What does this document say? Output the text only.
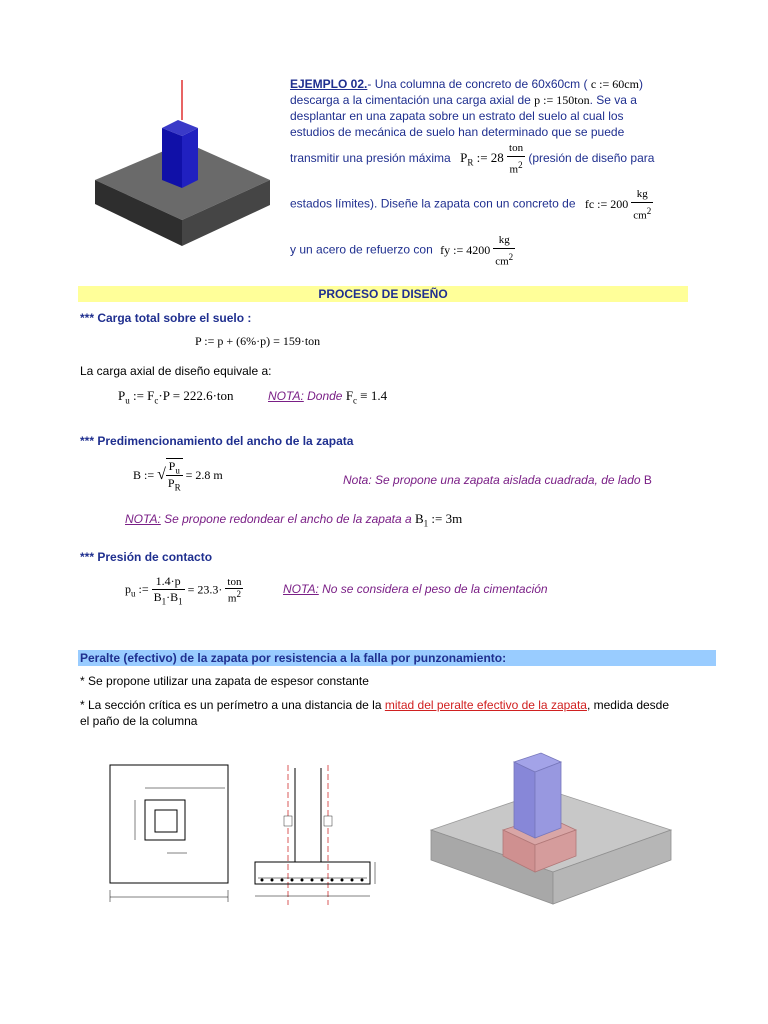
EJEMPLO 02.- Una columna de concreto de 60x60cm ( c := 60cm)
descarga a la cimentación una carga axial de p := 150ton. Se va a
desplantar en una zapata sobre un estrato del suelo al cual los
estudios de mecánica de suelo han determinado que se puede
transmitir una presión máxima $P_R$ := $28 \frac{\text{ton}}{m^2}$ (presión de diseño para
estados límites). Diseñe la zapata con un concreto de fc := $200 \frac{kg}{cm^2}$
y un acero de refuerzo con fy := $4200 \frac{kg}{cm^2}$
PROCESO DE DISEÑO
*** Carga total sobre el suelo :
P := p + (6%·p) = 159·ton
La carga axial de diseño equivale a:
$P_u$ := $F_c\cdot P = 222.6\cdot ton$	NOTA: Donde $F_c \equiv 1.4$
*** Predimencionamiento del ancho de la zapata
B := √ $\frac{P_u}{P_R} = 2.8$ m	Nota: Se propone una zapata aislada cuadrada, de lado B
NOTA: Se propone redondear el ancho de la zapata a $B_1$ := 3m
*** Presión de contacto
$p_u$ := $\frac{1.4\cdot p}{B_1\cdot B_1} = 23.3\cdot \frac{\text{ton}}{m^2}$	NOTA: No se considera el peso de la cimentación
Peralte (efectivo) de la zapata por resistencia a la falla por punzonamiento:
* Se propone utilizar una zapata de espesor constante
* La sección crítica es un perímetro a una distancia de la mitad del peralte efectivo de la zapata, medida desde
el paño de la columna
